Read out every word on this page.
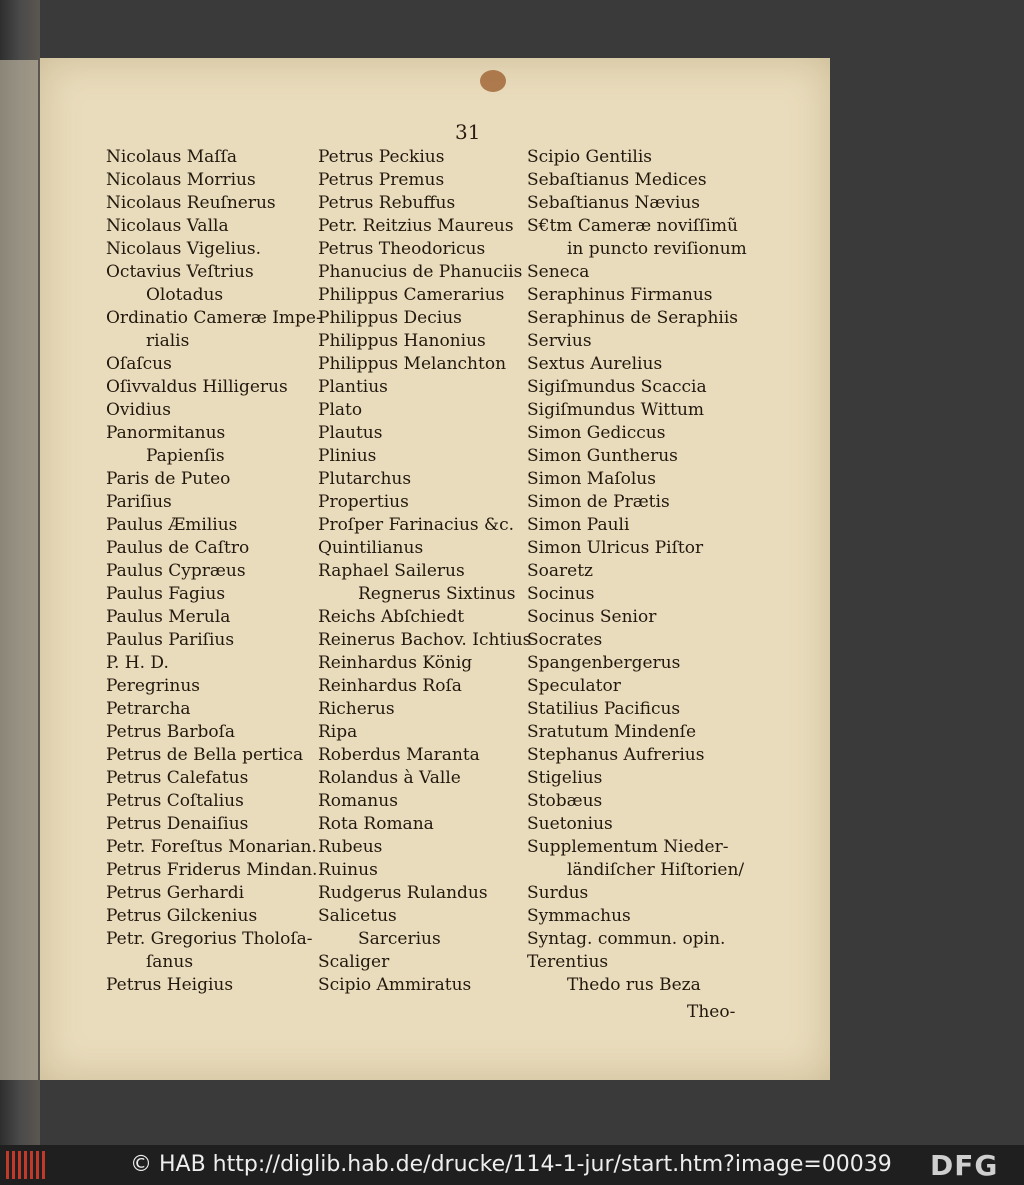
31
Nicolaus Maſſa
Nicolaus Morrius
Nicolaus Reuſnerus
Nicolaus Valla
Nicolaus Vigelius.
Octavius Veſtrius
Olotadus
Ordinatio Cameræ Impe-
rialis
Oſaſcus
Oſivvaldus Hilligerus
Ovidius
Panormitanus
Papienſis
Paris de Puteo
Pariſius
Paulus Æmilius
Paulus de Caſtro
Paulus Cypræus
Paulus Fagius
Paulus Merula
Paulus Pariſius
P. H. D.
Peregrinus
Petrarcha
Petrus Barboſa
Petrus de Bella pertica
Petrus Calefatus
Petrus Coſtalius
Petrus Denaiſius
Petr. Foreſtus Monarian.
Petrus Friderus Mindan.
Petrus Gerhardi
Petrus Gilckenius
Petr. Gregorius Tholoſa-
ſanus
Petrus Heigius
Petrus Peckius
Petrus Premus
Petrus Rebuffus
Petr. Reitzius Maureus
Petrus Theodoricus
Phanucius de Phanuciis
Philippus Camerarius
Philippus Decius
Philippus Hanonius
Philippus Melanchton
Plantius
Plato
Plautus
Plinius
Plutarchus
Propertius
Proſper Farinacius &c.
Quintilianus
Raphael Sailerus
Regnerus Sixtinus
Reichs Abſchiedt
Reinerus Bachov. Ichtius
Reinhardus König
Reinhardus Roſa
Richerus
Ripa
Roberdus Maranta
Rolandus à Valle
Romanus
Rota Romana
Rubeus
Ruinus
Rudgerus Rulandus
Salicetus
Sarcerius
Scaliger
Scipio Ammiratus
Scipio Gentilis
Sebaſtianus Medices
Sebaſtianus Nævius
S€tm Cameræ noviſſimũ
in puncto reviſionum
Seneca
Seraphinus Firmanus
Seraphinus de Seraphiis
Servius
Sextus Aurelius
Sigiſmundus Scaccia
Sigiſmundus Wittum
Simon Gediccus
Simon Guntherus
Simon Maſolus
Simon de Prætis
Simon Pauli
Simon Ulricus Piſtor
Soaretz
Socinus
Socinus Senior
Socrates
Spangenbergerus
Speculator
Statilius Pacificus
Sratutum Mindenſe
Stephanus Aufrerius
Stigelius
Stobæus
Suetonius
Supplementum Nieder-
ländiſcher Hiſtorien/
Surdus
Symmachus
Syntag. commun. opin.
Terentius
Thedo rus Beza
Theo-
© HAB http://diglib.hab.de/drucke/114-1-jur/start.htm?image=00039 DFG
